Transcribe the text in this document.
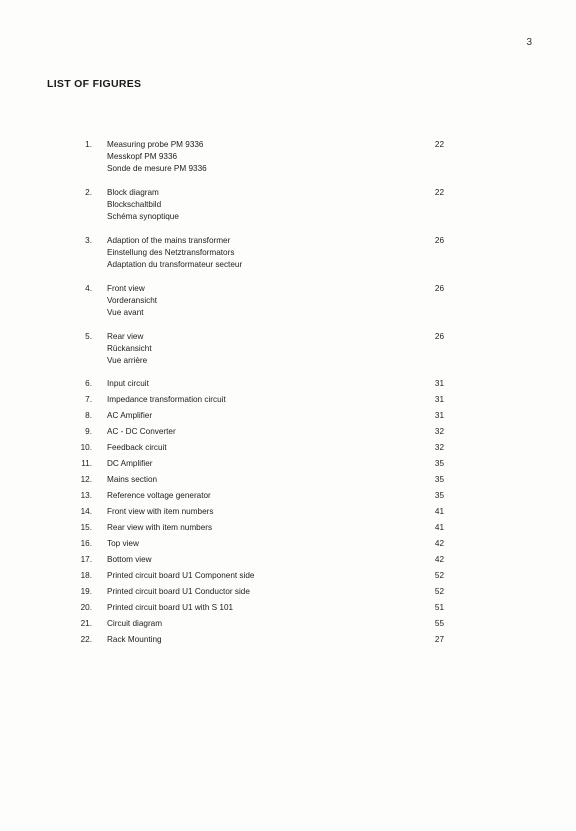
3
LIST OF FIGURES
1. Measuring probe PM 9336
Messkopf PM 9336
Sonde de mesure PM 9336
22
2. Block diagram
Blockschaltbild
Schéma synoptique
22
3. Adaption of the mains transformer
Einstellung des Netztransformators
Adaptation du transformateur secteur
26
4. Front view
Vorderansicht
Vue avant
26
5. Rear view
Rückansicht
Vue arrière
26
6. Input circuit	31
7. Impedance transformation circuit	31
8. AC Amplifier	31
9. AC - DC Converter	32
10. Feedback circuit	32
11. DC Amplifier	35
12. Mains section	35
13. Reference voltage generator	35
14. Front view with item numbers	41
15. Rear view with item numbers	41
16. Top view	42
17. Bottom view	42
18. Printed circuit board U1 Component side	52
19. Printed circuit board U1 Conductor side	52
20. Printed circuit board U1 with S 101	51
21. Circuit diagram	55
22. Rack Mounting	27
